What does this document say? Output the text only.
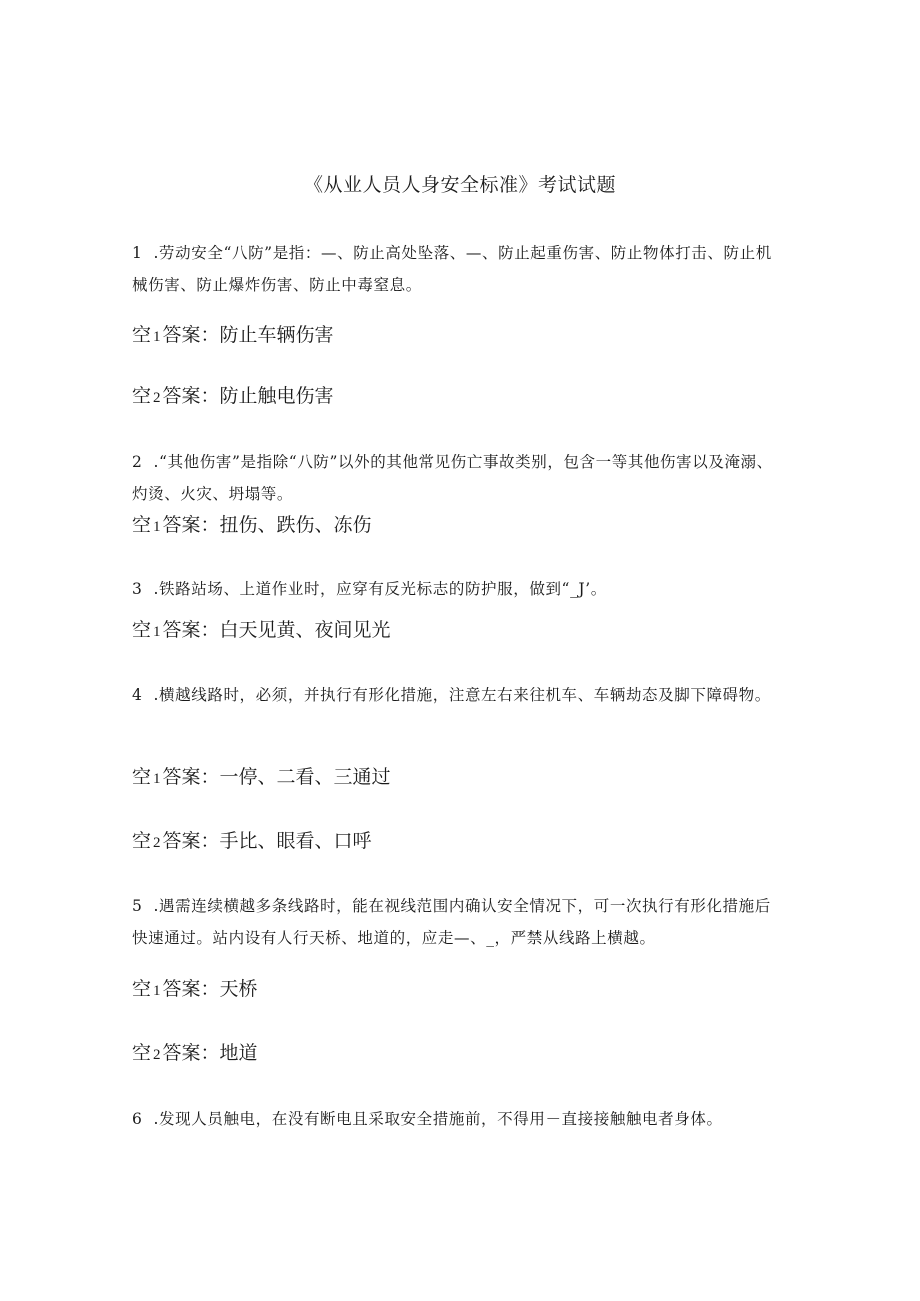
《从业人员人身安全标准》考试试题

1 .劳动安全“八防”是指：—、防止高处坠落、—、防止起重伤害、防止物体打击、防止机械伤害、防止爆炸伤害、防止中毒窒息。

空 1 答案：防止车辆伤害
空 2 答案：防止触电伤害

2 .“其他伤害”是指除“八防”以外的其他常见伤亡事故类别，包含一等其他伤害以及淹溺、灼烫、火灾、坍塌等。

空 1 答案：扭伤、跌伤、冻伤

3 .铁路站场、上道作业时，应穿有反光标志的防护服，做到“_J’。

空 1 答案：白天见黄、夜间见光

4 .横越线路时，必须，并执行有形化措施，注意左右来往机车、车辆劫态及脚下障碍物。

空 1 答案：一停、二看、三通过
空 2 答案：手比、眼看、口呼

5 .遇需连续横越多条线路时，能在视线范围内确认安全情况下，可一次执行有形化措施后快速通过。站内设有人行天桥、地道的，应走—、_，严禁从线路上横越。

空 1 答案：天桥
空 2 答案：地道

6 .发现人员触电，在没有断电且采取安全措施前，不得用－直接接触触电者身体。
